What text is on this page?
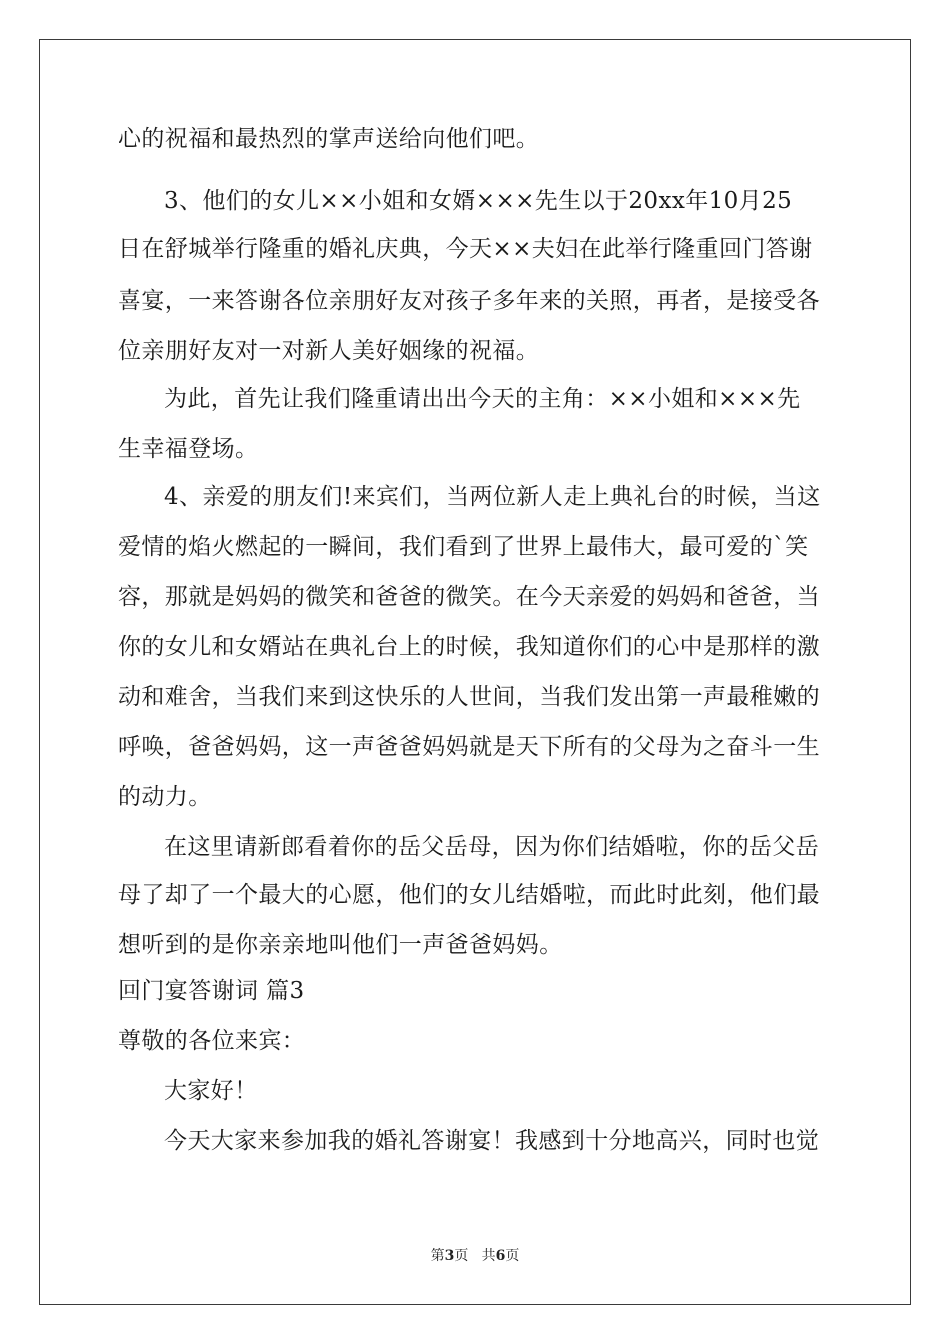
心的祝福和最热烈的掌声送给向他们吧。
3、他们的女儿××小姐和女婿×××先生以于20xx年10月25
日在舒城举行隆重的婚礼庆典，今天××夫妇在此举行隆重回门答谢
喜宴，一来答谢各位亲朋好友对孩子多年来的关照，再者，是接受各
位亲朋好友对一对新人美好姻缘的祝福。
为此，首先让我们隆重请出出今天的主角：××小姐和×××先
生幸福登场。
4、亲爱的朋友们!来宾们，当两位新人走上典礼台的时候，当这
爱情的焰火燃起的一瞬间，我们看到了世界上最伟大，最可爱的`笑
容，那就是妈妈的微笑和爸爸的微笑。在今天亲爱的妈妈和爸爸，当
你的女儿和女婿站在典礼台上的时候，我知道你们的心中是那样的激
动和难舍，当我们来到这快乐的人世间，当我们发出第一声最稚嫩的
呼唤，爸爸妈妈，这一声爸爸妈妈就是天下所有的父母为之奋斗一生
的动力。
在这里请新郎看着你的岳父岳母，因为你们结婚啦，你的岳父岳
母了却了一个最大的心愿，他们的女儿结婚啦，而此时此刻，他们最
想听到的是你亲亲地叫他们一声爸爸妈妈。
回门宴答谢词 篇3
尊敬的各位来宾：
大家好！
今天大家来参加我的婚礼答谢宴！我感到十分地高兴，同时也觉
第3页   共6页
